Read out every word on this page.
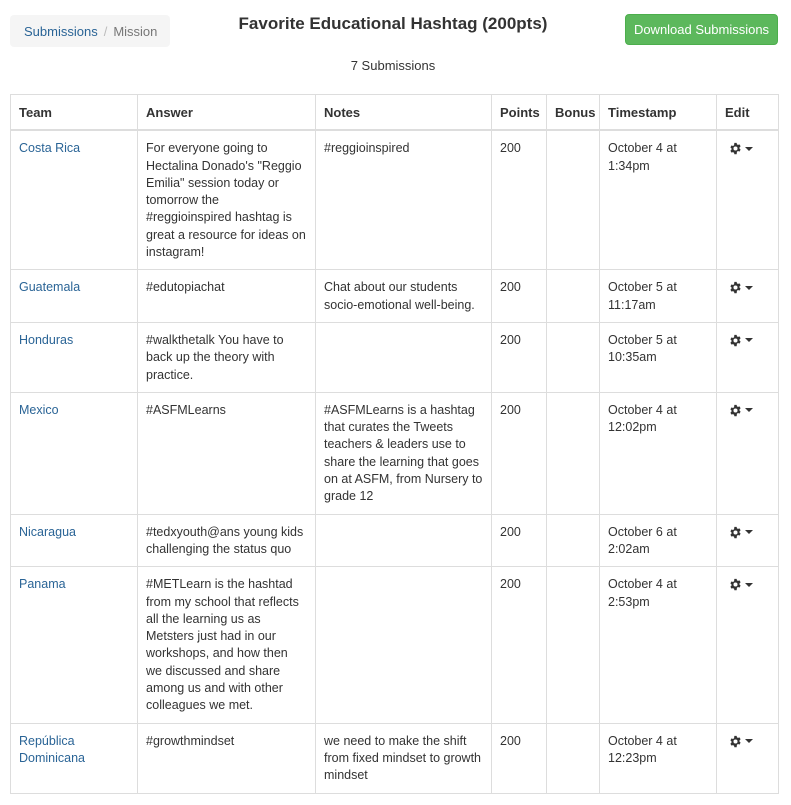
Submissions / Mission	Favorite Educational Hashtag (200pts)
7 Submissions
Download Submissions
Team	Answer	Notes	Points	Bonus	Timestamp	Edit
Costa Rica	For everyone going to Hectalina Donado's "Reggio Emilia" session today or tomorrow the #reggioinspired hashtag is great a resource for ideas on instagram!	#reggioinspired	200		October 4 at 1:34pm	

Guatemala	#edutopiachat	Chat about our students socio-emotional well-being.	200		October 5 at 11:17am	

Honduras	#walkthetalk You have to back up the theory with practice.		200		October 5 at 10:35am	

Mexico	#ASFMLearns	#ASFMLearns is a hashtag that curates the Tweets teachers & leaders use to share the learning that goes on at ASFM, from Nursery to grade 12	200		October 4 at 12:02pm	

Nicaragua	#tedxyouth@ans young kids challenging the status quo		200		October 6 at 2:02am	

Panama	#METLearn is the hashtad from my school that reflects all the learning us as Metsters just had in our workshops, and how then we discussed and share among us and with other colleagues we met.		200		October 4 at 2:53pm	

República Dominicana	#growthmindset	we need to make the shift from fixed mindset to growth mindset	200		October 4 at 12:23pm	
